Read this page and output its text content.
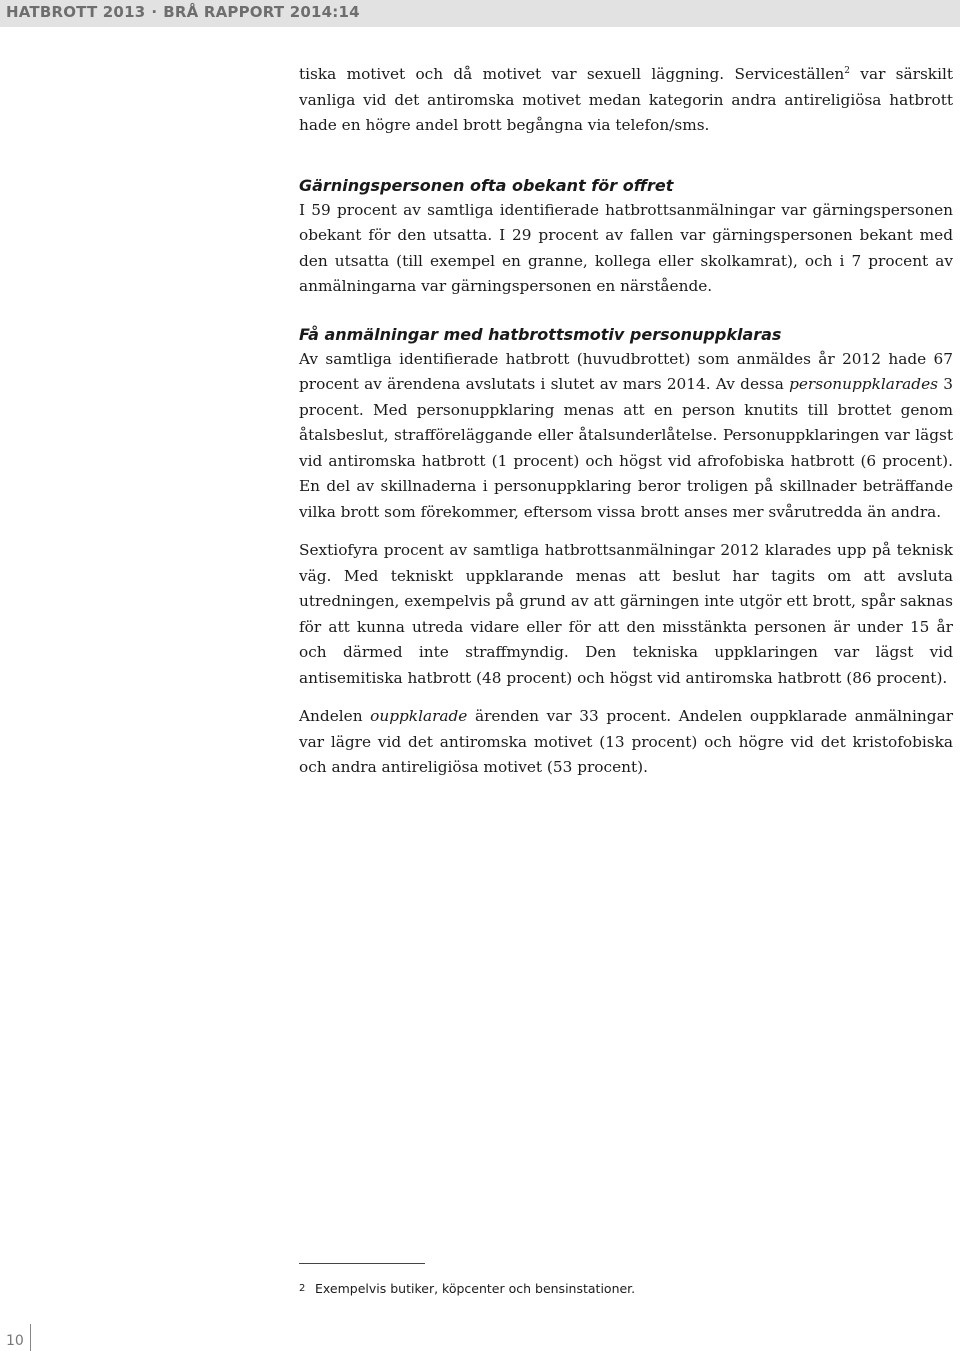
HATBROTT 2013 · BRÅ RAPPORT 2014:14

tiska motivet och då motivet var sexuell läggning. Serviceställen$^2$ var särskilt vanliga vid det antiromska motivet medan kategorin andra antireligiösa hatbrott hade en högre andel brott begångna via telefon/sms.

Gärningspersonen ofta obekant för offret

I 59 procent av samtliga identifierade hatbrottsanmälningar var gärningspersonen obekant för den utsatta. I 29 procent av fallen var gärningspersonen bekant med den utsatta (till exempel en granne, kollega eller skolkamrat), och i 7 procent av anmälningarna var gärningspersonen en närstående.

Få anmälningar med hatbrottsmotiv personuppklaras

Av samtliga identifierade hatbrott (huvudbrottet) som anmäldes år 2012 hade 67 procent av ärendena avslutats i slutet av mars 2014. Av dessa personuppklarades 3 procent. Med personuppklaring menas att en person knutits till brottet genom åtalsbeslut, strafföreläggande eller åtalsunderlåtelse. Personuppklaringen var lägst vid antiromska hatbrott (1 procent) och högst vid afrofobiska hatbrott (6 procent). En del av skillnaderna i personuppklaring beror troligen på skillnader beträffande vilka brott som förekommer, eftersom vissa brott anses mer svårutredda än andra.

Sextiofyra procent av samtliga hatbrottsanmälningar 2012 klarades upp på teknisk väg. Med tekniskt uppklarande menas att beslut har tagits om att avsluta utredningen, exempelvis på grund av att gärningen inte utgör ett brott, spår saknas för att kunna utreda vidare eller för att den misstänkta personen är under 15 år och därmed inte straffmyndig. Den tekniska uppklaringen var lägst vid antisemitiska hatbrott (48 procent) och högst vid antiromska hatbrott (86 procent).

Andelen ouppklarade ärenden var 33 procent. Andelen ouppklarade anmälningar var lägre vid det antiromska motivet (13 procent) och högre vid det kristofobiska och andra antireligiösa motivet (53 procent).

2 Exempelvis butiker, köpcenter och bensinstationer.
10
